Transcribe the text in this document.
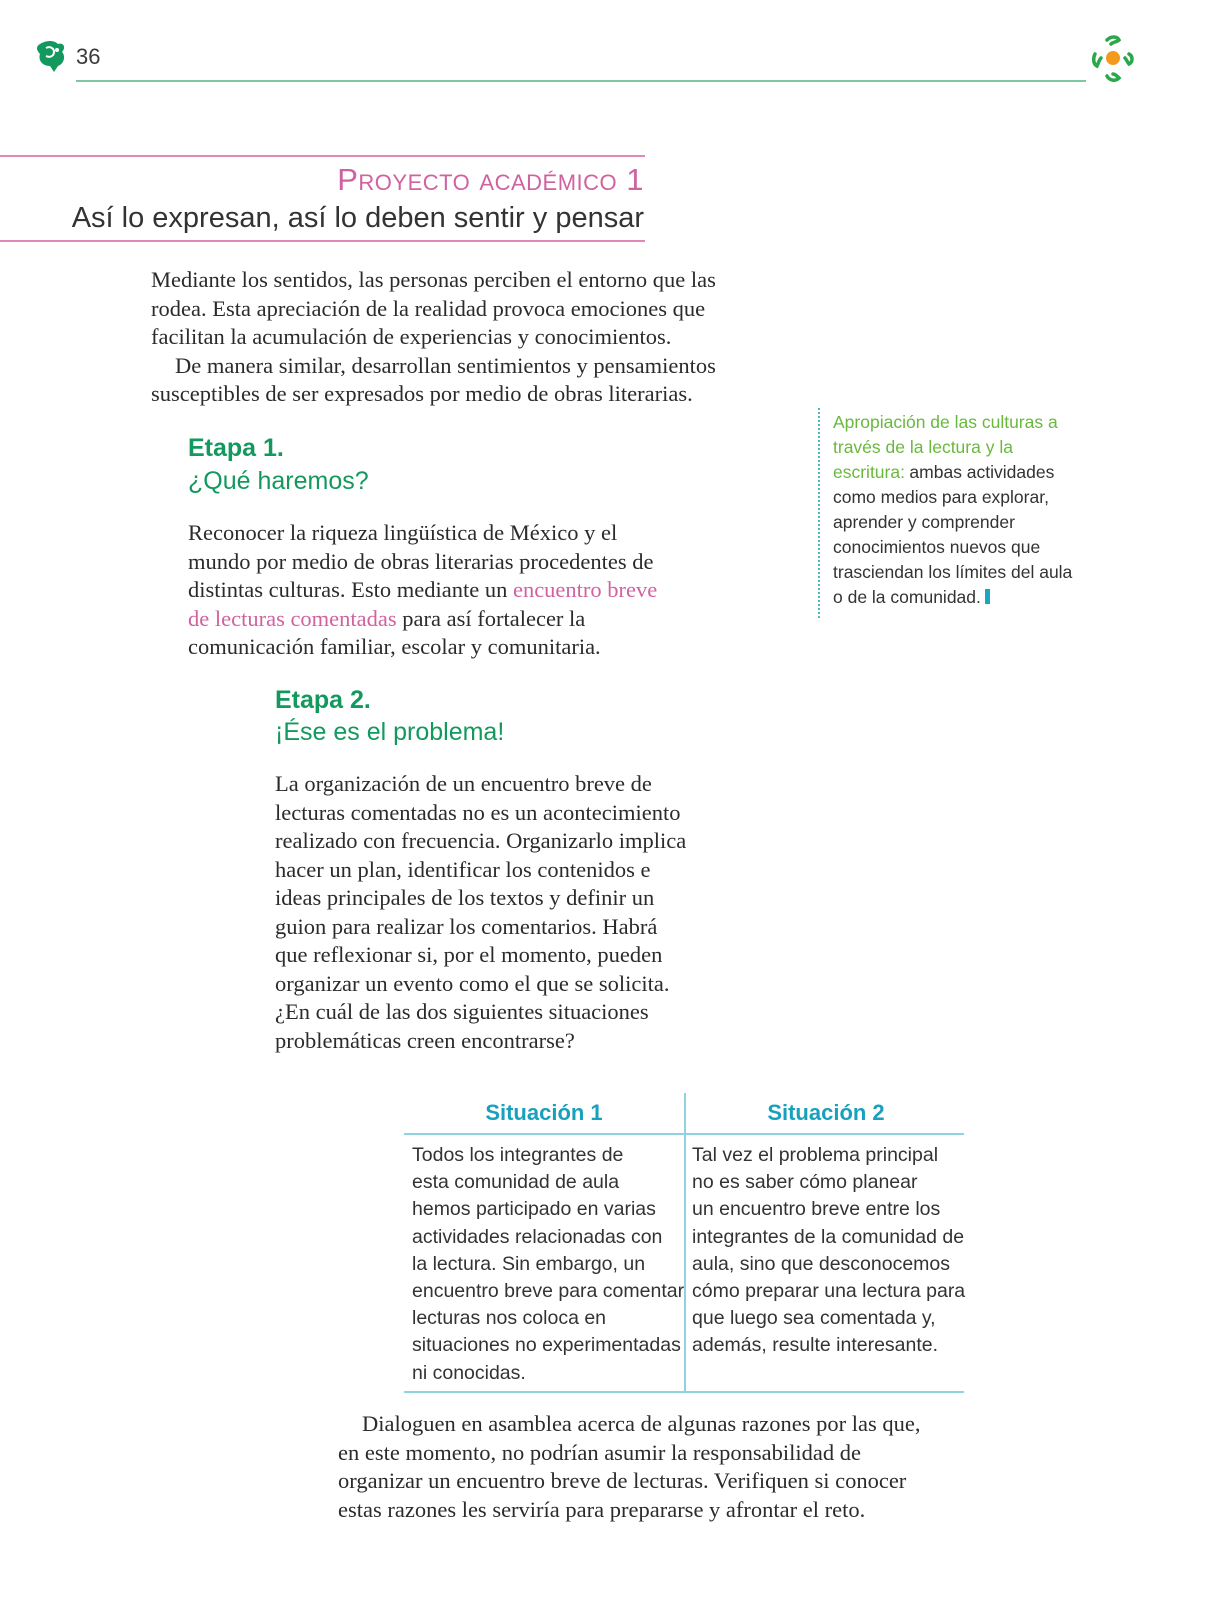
36
Proyecto académico 1
Así lo expresan, así lo deben sentir y pensar

Mediante los sentidos, las personas perciben el entorno que las rodea. Esta apreciación de la realidad provoca emociones que facilitan la acumulación de experiencias y conocimientos.

De manera similar, desarrollan sentimientos y pensamientos susceptibles de ser expresados por medio de obras literarias.

Etapa 1.
¿Qué haremos?
Reconocer la riqueza lingüística de México y el mundo por medio de obras literarias procedentes de distintas culturas. Esto mediante un encuentro breve de lecturas comentadas para así fortalecer la comunicación familiar, escolar y comunitaria.
Apropiación de las culturas a través de la lectura y la escritura: ambas actividades como medios para explorar, aprender y comprender conocimientos nuevos que trasciendan los límites del aula o de la comunidad.
Etapa 2.
¡Ése es el problema!
La organización de un encuentro breve de lecturas comentadas no es un acontecimiento realizado con frecuencia. Organizarlo implica hacer un plan, identificar los contenidos e ideas principales de los textos y definir un guion para realizar los comentarios. Habrá que reflexionar si, por el momento, pueden organizar un evento como el que se solicita. ¿En cuál de las dos siguientes situaciones problemáticas creen encontrarse?
Situación 1	Situación 2
Todos los integrantes de
esta comunidad de aula
hemos participado en varias
actividades relacionadas con
la lectura. Sin embargo, un
encuentro breve para comentar
lecturas nos coloca en
situaciones no experimentadas
ni conocidas.
Tal vez el problema principal
no es saber cómo planear
un encuentro breve entre los
integrantes de la comunidad de
aula, sino que desconocemos
cómo preparar una lectura para
que luego sea comentada y,
además, resulte interesante.
Dialoguen en asamblea acerca de algunas razones por las que, en este momento, no podrían asumir la responsabilidad de organizar un encuentro breve de lecturas. Verifiquen si conocer estas razones les serviría para prepararse y afrontar el reto.
